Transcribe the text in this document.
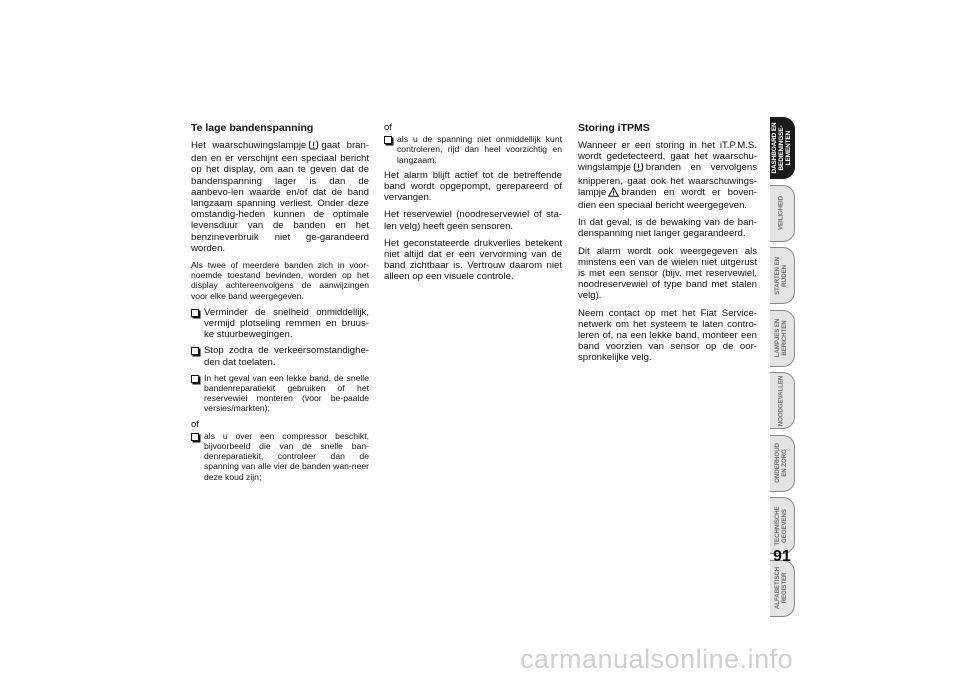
Te lage bandenspanning

Het waarschuwingslampje gaat bran-den en er verschijnt een speciaal bericht op het display, om aan te geven dat de bandenspanning lager is dan de aanbevo-len waarde en/of dat de band langzaam spanning verliest. Onder deze omstandig-heden kunnen de optimale levensduur van de banden en het benzineverbruik niet ge-garandeerd worden.

Als twee of meerdere banden zich in voor-noemde toestand bevinden, worden op het display achtereenvolgens de aanwijzingen voor elke band weergegeven.

Verminder de snelheid onmiddellijk, vermijd plotseling remmen en bruus-ke stuurbewegingen.
Stop zodra de verkeersomstandighe-den dat toelaten.
In het geval van een lekke band, de snelle bandenreparatiekit gebruiken of het reservewiel monteren (voor be-paalde versies/markten);

of

als u over een compressor beschikt, bijvoorbeeld die van de snelle ban-denreparatiekit, controleer dan de spanning van alle vier de banden wan-neer deze koud zijn;

of

als u de spanning niet onmiddellijk kunt controleren, rijd dan heel voorzichtig en langzaam.

Het alarm blijft actief tot de betreffende band wordt opgepompt, gerepareerd of vervangen.

Het reservewiel (noodreservewiel of sta-len velg) heeft geen sensoren.

Het geconstateerde drukverlies betekent niet altijd dat er een vervorming van de band zichtbaar is. Vertrouw daarom niet alleen op een visuele controle.

Storing iTPMS

Wanneer er een storing in het iT.P.M.S. wordt gedetecteerd, gaat het waarschu-wingslampje branden en vervolgens knipperen, gaat ook het waarschuwings-lampje branden en wordt er boven-dien een speciaal bericht weergegeven.

In dat geval, is de bewaking van de ban-denspanning niet langer gegarandeerd.

Dit alarm wordt ook weergegeven als minstens een van de wielen niet uitgerust is met een sensor (bijv. met reservewiel, noodreservewiel of type band met stalen velg).

Neem contact op met het Fiat Service-netwerk om het systeem te laten contro-leren of, na een lekke band, monteer een band voorzien van sensor op de oor-spronkelijke velg.

DASHBOARD EN
BEDIENINGSE-
LEMENTEN
VEILIGHEID
STARTEN EN
RIJDEN
LAMPJES EN
BERICHTEN
NOODGEVALLEN
ONDERHOUD
EN ZORG
TECHNISCHE
GEGEVENS
ALFABETISCH
REGISTER
91
carmanualsonline.info
